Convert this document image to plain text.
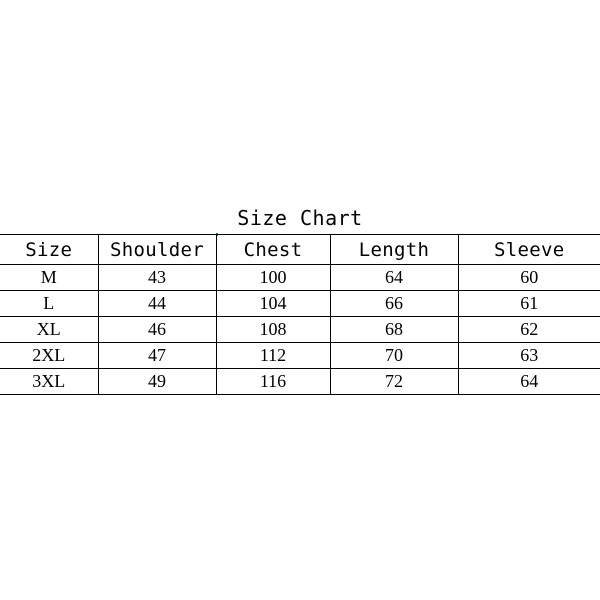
Size Chart
Size	Shoulder	Chest	Length	Sleeve
M	43	100	64	60
L	44	104	66	61
XL	46	108	68	62
2XL	47	112	70	63
3XL	49	116	72	64
